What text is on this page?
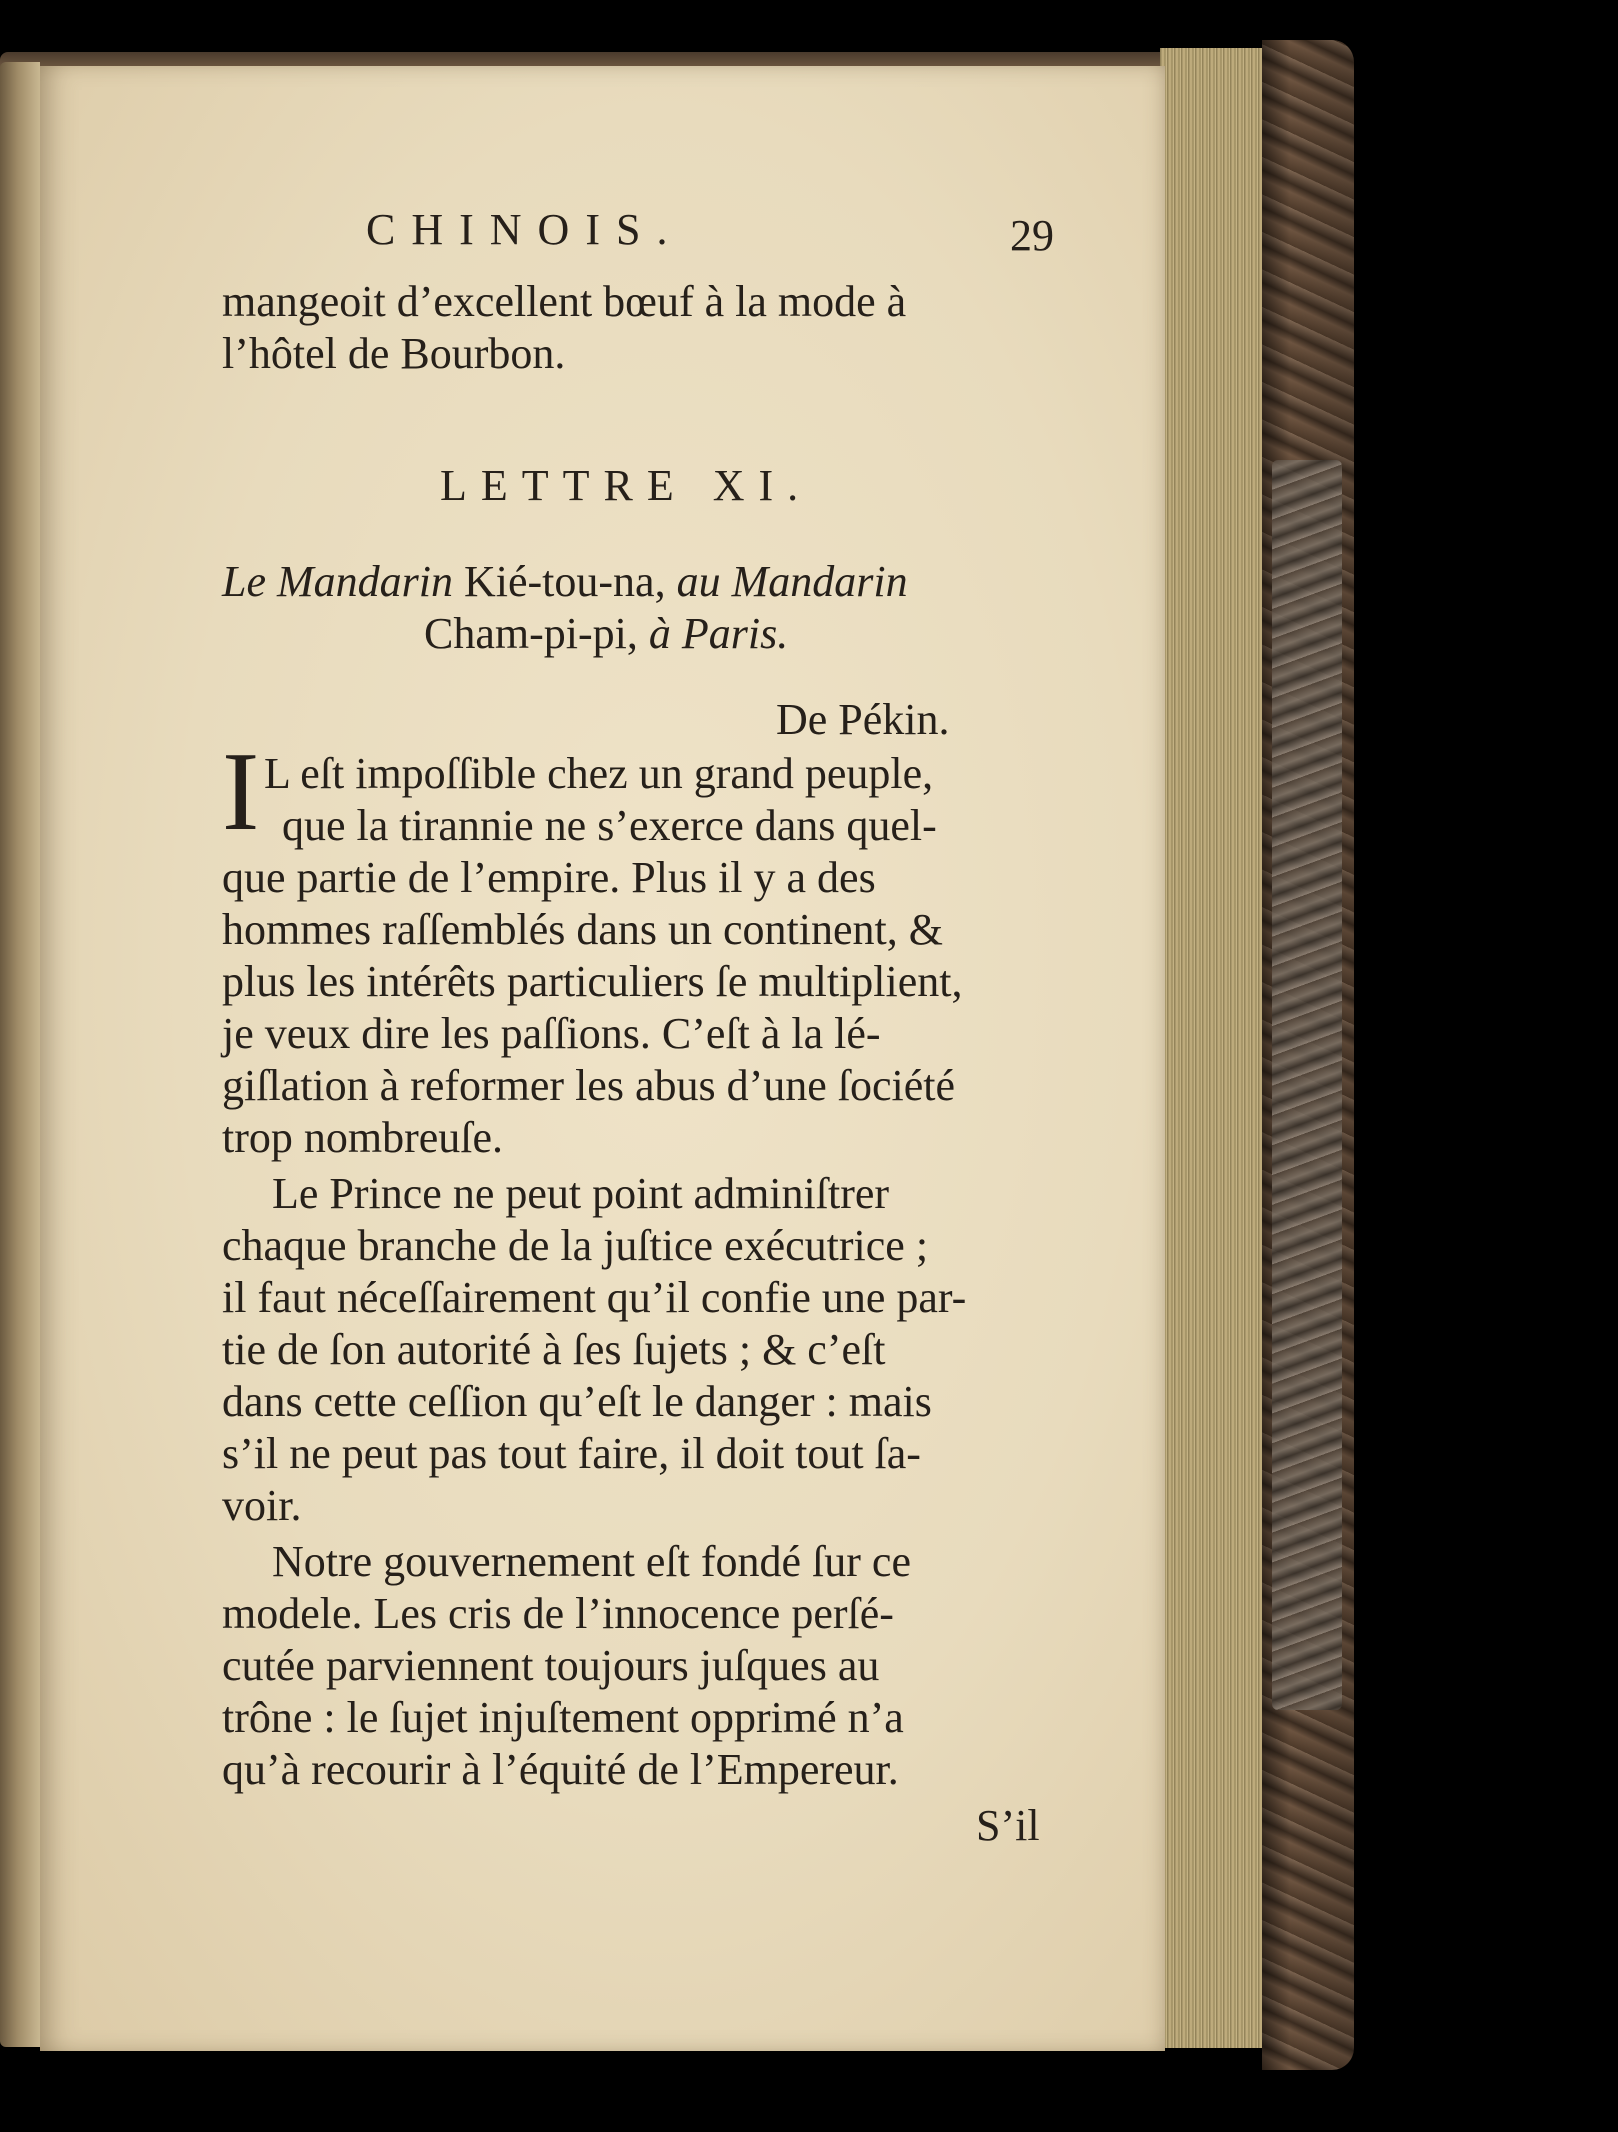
CHINOIS.	29
mangeoit d’excellent bœuf à la mode à
l’hôtel de Bourbon.
LETTRE XI.
Le Mandarin Kié-tou-na, au Mandarin
Cham-pi-pi, à Paris.
De Pékin.
I L eſt impoſſible chez un grand peuple,
que la tirannie ne s’exerce dans quel-
que partie de l’empire. Plus il y a des
hommes raſſemblés dans un continent, &
plus les intérêts particuliers ſe multiplient,
je veux dire les paſſions. C’eſt à la lé-
giſlation à reformer les abus d’une ſociété
trop nombreuſe.
Le Prince ne peut point adminiſtrer
chaque branche de la juſtice exécutrice ;
il faut néceſſairement qu’il confie une par-
tie de ſon autorité à ſes ſujets ; & c’eſt
dans cette ceſſion qu’eſt le danger : mais
s’il ne peut pas tout faire, il doit tout ſa-
voir.
Notre gouvernement eſt fondé ſur ce
modele. Les cris de l’innocence perſé-
cutée parviennent toujours juſques au
trône : le ſujet injuſtement opprimé n’a
qu’à recourir à l’équité de l’Empereur.
S’il
